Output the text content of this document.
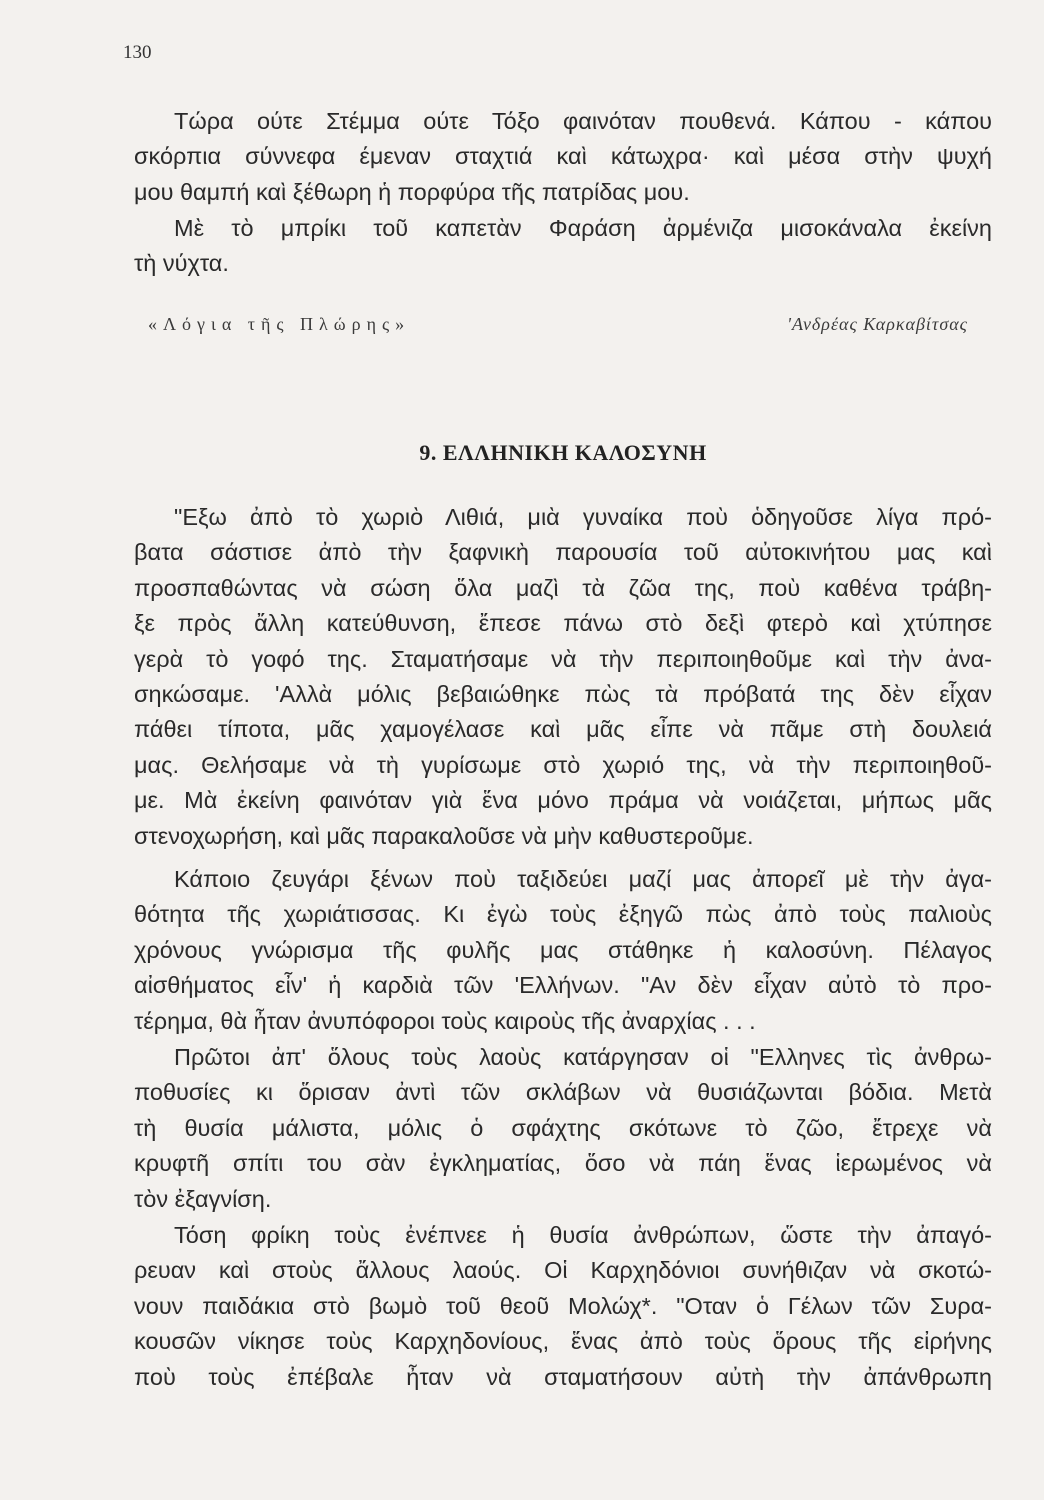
130
Τώρα ούτε Στέμμα ούτε Τόξο φαινόταν πουθενά. Κάπου - κάπου
σκόρπια σύννεφα έμεναν σταχτιά καὶ κάτωχρα· καὶ μέσα στὴν ψυχή
μου θαμπή καὶ ξέθωρη ἡ πορφύρα τῆς πατρίδας μου.
Μὲ τὸ μπρίκι τοῦ καπετὰν Φαράση ἀρμένιζα μισοκάναλα ἐκείνη
τὴ νύχτα.
«Λόγια τῆς Πλώρης»	'Ανδρέας Καρκαβίτσας
9. ΕΛΛΗΝΙΚΗ ΚΑΛΟΣΥΝΗ
"Εξω ἀπὸ τὸ χωριὸ Λιθιά, μιὰ γυναίκα ποὺ ὁδηγοῦσε λίγα πρό-
βατα σάστισε ἀπὸ τὴν ξαφνικὴ παρουσία τοῦ αὐτοκινήτου μας καὶ
προσπαθώντας νὰ σώση ὅλα μαζὶ τὰ ζῶα της, ποὺ καθένα τράβη-
ξε πρὸς ἄλλη κατεύθυνση, ἔπεσε πάνω στὸ δεξὶ φτερὸ καὶ χτύπησε
γερὰ τὸ γοφό της. Σταματήσαμε νὰ τὴν περιποιηθοῦμε καὶ τὴν ἀνα-
σηκώσαμε. 'Αλλὰ μόλις βεβαιώθηκε πὼς τὰ πρόβατά της δὲν εἶχαν
πάθει τίποτα, μᾶς χαμογέλασε καὶ μᾶς εἶπε νὰ πᾶμε στὴ δουλειά
μας. Θελήσαμε νὰ τὴ γυρίσωμε στὸ χωριό της, νὰ τὴν περιποιηθοῦ-
με. Μὰ ἐκείνη φαινόταν γιὰ ἕνα μόνο πράμα νὰ νοιάζεται, μήπως μᾶς
στενοχωρήση, καὶ μᾶς παρακαλοῦσε νὰ μὴν καθυστεροῦμε.
Κάποιο ζευγάρι ξένων ποὺ ταξιδεύει μαζί μας ἀπορεῖ μὲ τὴν ἀγα-
θότητα τῆς χωριάτισσας. Κι ἐγὼ τοὺς ἐξηγῶ πὼς ἀπὸ τοὺς παλιοὺς
χρόνους γνώρισμα τῆς φυλῆς μας στάθηκε ἡ καλοσύνη. Πέλαγος
αἰσθήματος εἶν' ἡ καρδιὰ τῶν 'Ελλήνων. "Αν δὲν εἶχαν αὐτὸ τὸ προ-
τέρημα, θὰ ἦταν ἀνυπόφοροι τοὺς καιροὺς τῆς ἀναρχίας . . .
Πρῶτοι ἀπ' ὅλους τοὺς λαοὺς κατάργησαν οἱ "Ελληνες τὶς ἀνθρω-
ποθυσίες κι ὅρισαν ἀντὶ τῶν σκλάβων νὰ θυσιάζωνται βόδια. Μετὰ
τὴ θυσία μάλιστα, μόλις ὁ σφάχτης σκότωνε τὸ ζῶο, ἔτρεχε νὰ
κρυφτῆ σπίτι του σὰν ἐγκληματίας, ὅσο νὰ πάη ἕνας ἱερωμένος νὰ
τὸν ἐξαγνίση.
Τόση φρίκη τοὺς ἐνέπνεε ἡ θυσία ἀνθρώπων, ὥστε τὴν ἀπαγό-
ρευαν καὶ στοὺς ἄλλους λαούς. Οἱ Καρχηδόνιοι συνήθιζαν νὰ σκοτώ-
νουν παιδάκια στὸ βωμὸ τοῦ θεοῦ Μολώχ*. "Οταν ὁ Γέλων τῶν Συρα-
κουσῶν νίκησε τοὺς Καρχηδονίους, ἕνας ἀπὸ τοὺς ὅρους τῆς εἰρήνης
ποὺ τοὺς ἐπέβαλε ἦταν νὰ σταματήσουν αὐτὴ τὴν ἀπάνθρωπη
